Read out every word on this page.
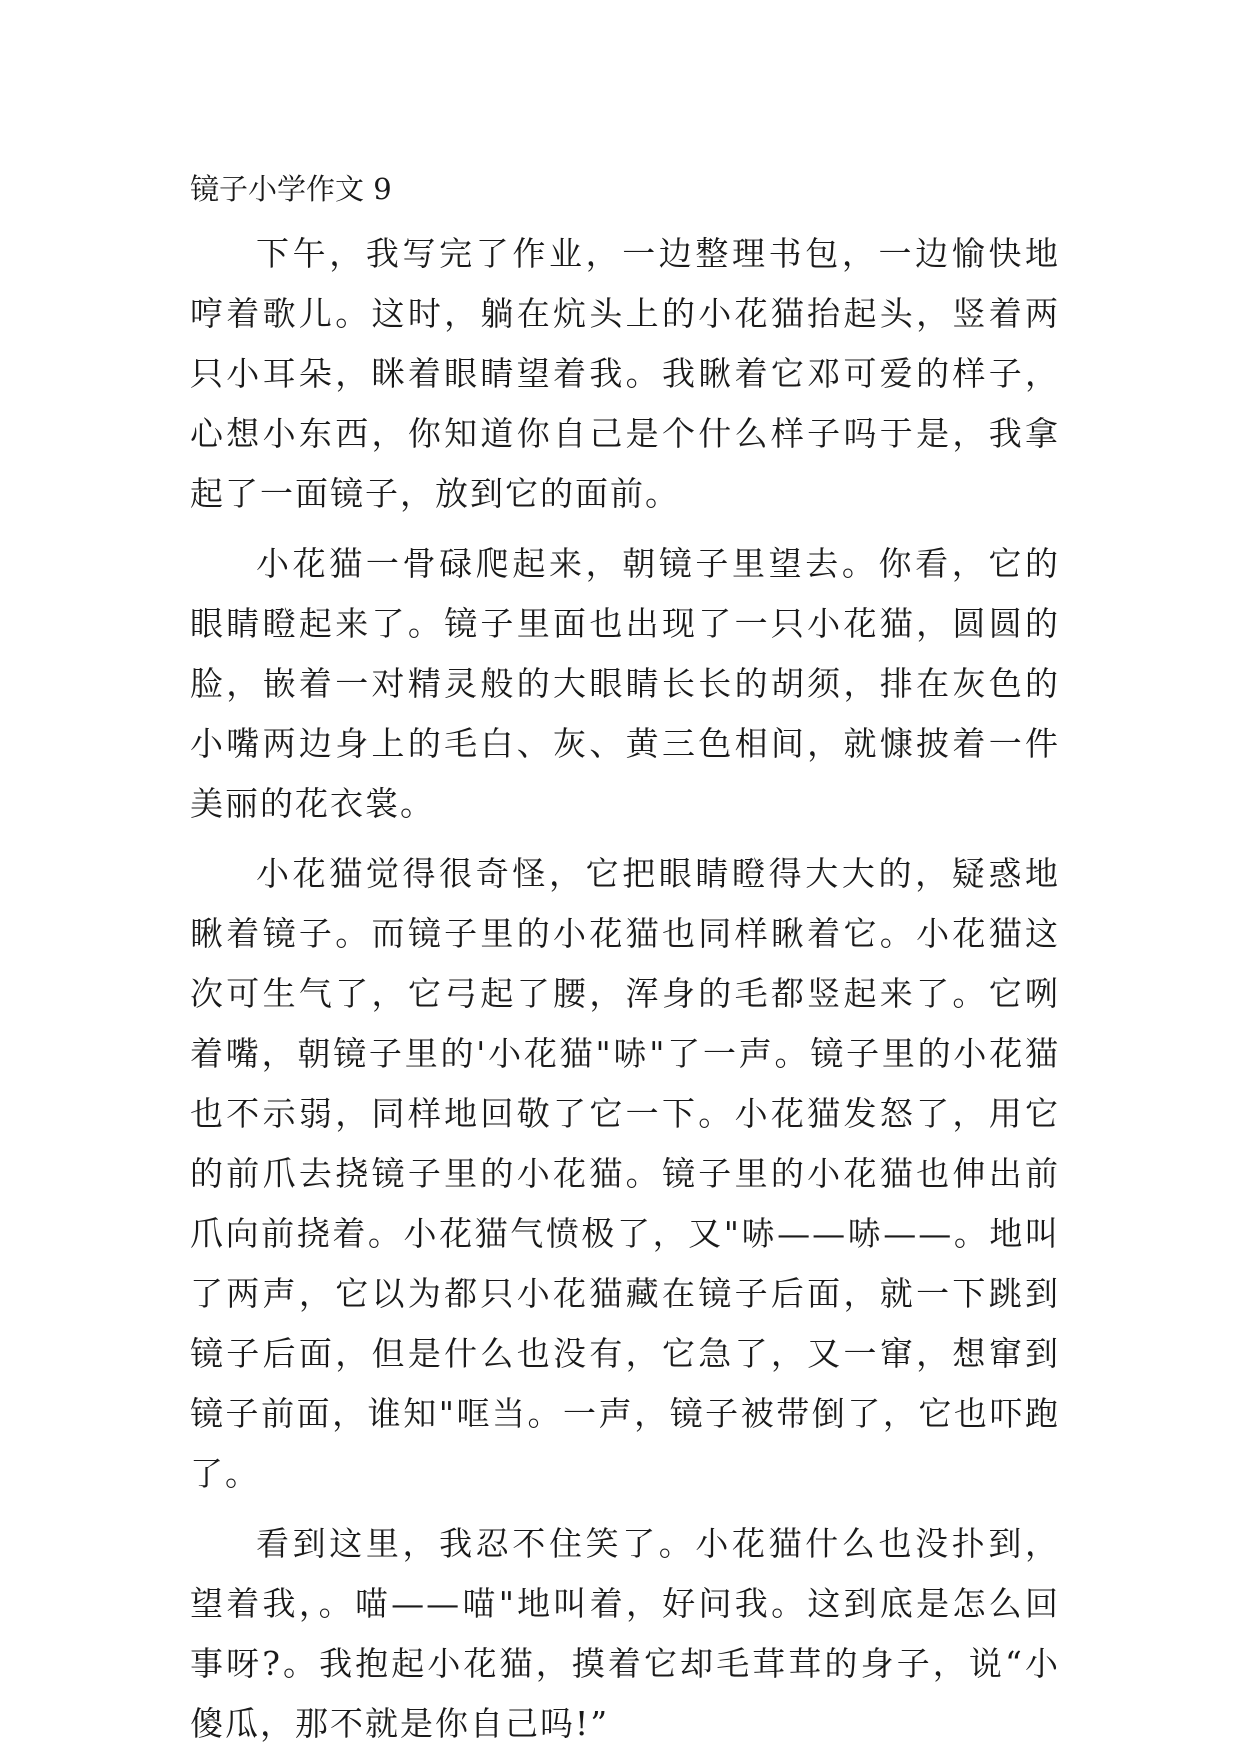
镜子小学作文 9

下午，我写完了作业，一边整理书包，一边愉快地哼着歌儿。这时，躺在炕头上的小花猫抬起头，竖着两只小耳朵，眯着眼睛望着我。我瞅着它邓可爱的样子，心想小东西，你知道你自己是个什么样子吗于是，我拿起了一面镜子，放到它的面前。

小花猫一骨碌爬起来，朝镜子里望去。你看，它的眼睛瞪起来了。镜子里面也出现了一只小花猫，圆圆的脸，嵌着一对精灵般的大眼睛长长的胡须，排在灰色的小嘴两边身上的毛白、灰、黄三色相间，就慷披着一件美丽的花衣裳。

小花猫觉得很奇怪，它把眼睛瞪得大大的，疑惑地瞅着镜子。而镜子里的小花猫也同样瞅着它。小花猫这次可生气了，它弓起了腰，浑身的毛都竖起来了。它咧着嘴，朝镜子里的'小花猫"哧"了一声。镜子里的小花猫也不示弱，同样地回敬了它一下。小花猫发怒了，用它的前爪去挠镜子里的小花猫。镜子里的小花猫也伸出前爪向前挠着。小花猫气愤极了，又"哧——哧——。地叫了两声，它以为都只小花猫藏在镜子后面，就一下跳到镜子后面，但是什么也没有，它急了，又一窜，想窜到镜子前面，谁知"哐当。一声，镜子被带倒了，它也吓跑了。

看到这里，我忍不住笑了。小花猫什么也没扑到，望着我，。喵——喵"地叫着，好问我。这到底是怎么回事呀?。我抱起小花猫，摸着它却毛茸茸的身子，说“小傻瓜，那不就是你自己吗!”
